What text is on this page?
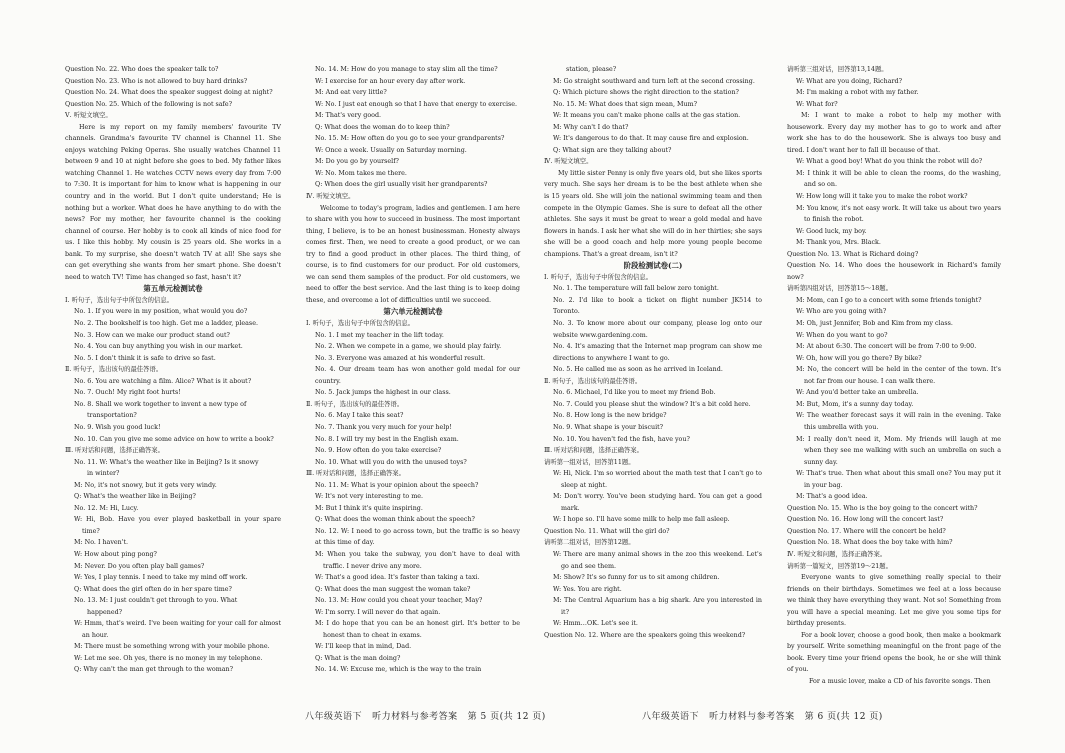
Question No. 22. Who does the speaker talk to?

Question No. 23. Who is not allowed to buy hard drinks?

Question No. 24. What does the speaker suggest doing at night?

Question No. 25. Which of the following is not safe?

Ⅴ. 听短文填空。

Here is my report on my family members' favourite TV channels. Grandma's favourite TV channel is Channel 11. She enjoys watching Peking Operas. She usually watches Channel 11 between 9 and 10 at night before she goes to bed. My father likes watching Channel 1. He watches CCTV news every day from 7:00 to 7:30. It is important for him to know what is happening in our country and in the world. But I don't quite understand; He is nothing but a worker. What does he have anything to do with the news? For my mother, her favourite channel is the cooking channel of course. Her hobby is to cook all kinds of nice food for us. I like this hobby. My cousin is 25 years old. She works in a bank. To my surprise, she doesn't watch TV at all! She says she can get everything she wants from her smart phone. She doesn't need to watch TV! Time has changed so fast, hasn't it?

第五单元检测试卷

Ⅰ. 听句子，选出句子中所包含的信息。

No. 1. If you were in my position, what would you do?

No. 2. The bookshelf is too high. Get me a ladder, please.

No. 3. How can we make our product stand out?

No. 4. You can buy anything you wish in our market.

No. 5. I don't think it is safe to drive so fast.

Ⅱ. 听句子，选出该句的最佳答语。

No. 6. You are watching a film. Alice? What is it about?

No. 7. Ouch! My right foot hurts!

No. 8. Shall we work together to invent a new type of

transportation?

No. 9. Wish you good luck!

No. 10. Can you give me some advice on how to write a book?

Ⅲ. 听对话和问题，选择正确答案。

No. 11. W: What's the weather like in Beijing? Is it snowy

in winter?

M: No, it's not snowy, but it gets very windy.

Q: What's the weather like in Beijing?

No. 12. M: Hi, Lucy.

W: Hi, Bob. Have you ever played basketball in your spare time?

M: No. I haven't.

W: How about ping pong?

M: Never. Do you often play ball games?

W: Yes, I play tennis. I need to take my mind off work.

Q: What does the girl often do in her spare time?

No. 13. M: I just couldn't get through to you. What

happened?

W: Hmm, that's weird. I've been waiting for your call for almost an hour.

M: There must be something wrong with your mobile phone.

W: Let me see. Oh yes, there is no money in my telephone.

Q: Why can't the man get through to the woman?

No. 14. M: How do you manage to stay slim all the time?

W: I exercise for an hour every day after work.

M: And eat very little?

W: No. I just eat enough so that I have that energy to exercise.

M: That's very good.

Q: What does the woman do to keep thin?

No. 15. M: How often do you go to see your grandparents?

W: Once a week. Usually on Saturday morning.

M: Do you go by yourself?

W: No. Mom takes me there.

Q: When does the girl usually visit her grandparents?

Ⅳ. 听短文填空。

Welcome to today's program, ladies and gentlemen. I am here to share with you how to succeed in business. The most important thing, I believe, is to be an honest businessman. Honesty always comes first. Then, we need to create a good product, or we can try to find a good product in other places. The third thing, of course, is to find customers for our product. For old customers, we can send them samples of the product. For old customers, we need to offer the best service. And the last thing is to keep doing these, and overcome a lot of difficulties until we succeed.

第六单元检测试卷

Ⅰ. 听句子，选出句子中所包含的信息。

No. 1. I met my teacher in the lift today.

No. 2. When we compete in a game, we should play fairly.

No. 3. Everyone was amazed at his wonderful result.

No. 4. Our dream team has won another gold medal for our country.

No. 5. Jack jumps the highest in our class.

Ⅱ. 听句子，选出该句的最佳答语。

No. 6. May I take this seat?

No. 7. Thank you very much for your help!

No. 8. I will try my best in the English exam.

No. 9. How often do you take exercise?

No. 10. What will you do with the unused toys?

Ⅲ. 听对话和问题，选择正确答案。

No. 11. M: What is your opinion about the speech?

W: It's not very interesting to me.

M: But I think it's quite inspiring.

Q: What does the woman think about the speech?

No. 12. W: I need to go across town, but the traffic is so heavy at this time of day.

M: When you take the subway, you don't have to deal with traffic. I never drive any more.

W: That's a good idea. It's faster than taking a taxi.

Q: What does the man suggest the woman take?

No. 13. M: How could you cheat your teacher, May?

W: I'm sorry. I will never do that again.

M: I do hope that you can be an honest girl. It's better to be honest than to cheat in exams.

W: I'll keep that in mind, Dad.

Q: What is the man doing?

No. 14. W: Excuse me, which is the way to the train

station, please?

M: Go straight southward and turn left at the second crossing.

Q: Which picture shows the right direction to the station?

No. 15. M: What does that sign mean, Mum?

W: It means you can't make phone calls at the gas station.

M: Why can't I do that?

W: It's dangerous to do that. It may cause fire and explosion.

Q: What sign are they talking about?

Ⅳ. 听短文填空。

My little sister Penny is only five years old, but she likes sports very much. She says her dream is to be the best athlete when she is 15 years old. She will join the national swimming team and then compete in the Olympic Games. She is sure to defeat all the other athletes. She says it must be great to wear a gold medal and have flowers in hands. I ask her what she will do in her thirties; she says she will be a good coach and help more young people become champions. That's a great dream, isn't it?

阶段检测试卷(二)

Ⅰ. 听句子，选出句子中所包含的信息。

No. 1. The temperature will fall below zero tonight.

No. 2. I'd like to book a ticket on flight number JK514 to Toronto.

No. 3. To know more about our company, please log onto our website www.gardening.com.

No. 4. It's amazing that the Internet map program can show me directions to anywhere I want to go.

No. 5. He called me as soon as he arrived in Iceland.

Ⅱ. 听句子，选出该句的最佳答语。

No. 6. Michael, I'd like you to meet my friend Bob.

No. 7. Could you please shut the window? It's a bit cold here.

No. 8. How long is the new bridge?

No. 9. What shape is your biscuit?

No. 10. You haven't fed the fish, have you?

Ⅲ. 听对话和问题，选择正确答案。

请听第一组对话，回答第11题。

W: Hi, Nick. I'm so worried about the math test that I can't go to sleep at night.

M: Don't worry. You've been studying hard. You can get a good mark.

W: I hope so. I'll have some milk to help me fall asleep.

Question No. 11. What will the girl do?

请听第二组对话，回答第12题。

W: There are many animal shows in the zoo this weekend. Let's go and see them.

M: Show? It's so funny for us to sit among children.

W: Yes. You are right.

M: The Central Aquarium has a big shark. Are you interested in it?

W: Hmm…OK. Let's see it.

Question No. 12. Where are the speakers going this weekend?

请听第三组对话，回答第13,14题。

W: What are you doing, Richard?

M: I'm making a robot with my father.

W: What for?

M: I want to make a robot to help my mother with housework. Every day my mother has to go to work and after work she has to do the housework. She is always too busy and tired. I don't want her to fall ill because of that.

W: What a good boy! What do you think the robot will do?

M: I think it will be able to clean the rooms, do the washing, and so on.

W: How long will it take you to make the robot work?

M: You know, it's not easy work. It will take us about two years to finish the robot.

W: Good luck, my boy.

M: Thank you, Mrs. Black.

Question No. 13. What is Richard doing?

Question No. 14. Who does the housework in Richard's family now?

请听第四组对话，回答第15～18题。

M: Mom, can I go to a concert with some friends tonight?

W: Who are you going with?

M: Oh, just Jennifer, Bob and Kim from my class.

W: When do you want to go?

M: At about 6:30. The concert will be from 7:00 to 9:00.

W: Oh, how will you go there? By bike?

M: No, the concert will be held in the center of the town. It's not far from our house. I can walk there.

W: And you'd better take an umbrella.

M: But, Mom, it's a sunny day today.

W: The weather forecast says it will rain in the evening. Take this umbrella with you.

M: I really don't need it, Mom. My friends will laugh at me when they see me walking with such an umbrella on such a sunny day.

W: That's true. Then what about this small one? You may put it in your bag.

M: That's a good idea.

Question No. 15. Who is the boy going to the concert with?

Question No. 16. How long will the concert last?

Question No. 17. Where will the concert be held?

Question No. 18. What does the boy take with him?

Ⅳ. 听短文和问题，选择正确答案。

请听第一篇短文，回答第19～21题。

Everyone wants to give something really special to their friends on their birthdays. Sometimes we feel at a loss because we think they have everything they want. Not so! Something from you will have a special meaning. Let me give you some tips for birthday presents.

For a book lover, choose a good book, then make a bookmark by yourself. Write something meaningful on the front page of the book. Every time your friend opens the book, he or she will think of you.

For a music lover, make a CD of his favorite songs. Then

八年级英语下   听力材料与参考答案   第 5 页(共 12 页)	八年级英语下   听力材料与参考答案   第 6 页(共 12 页)
